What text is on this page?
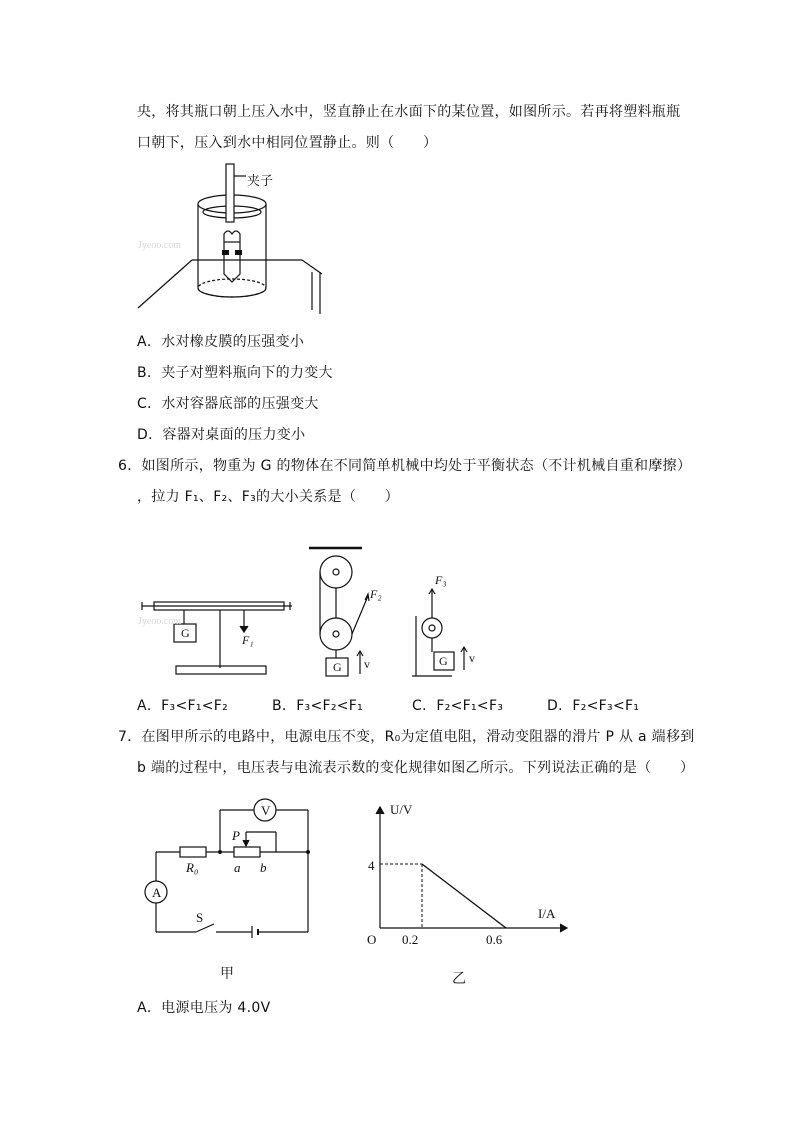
央，将其瓶口朝上压入水中，竖直静止在水面下的某位置，如图所示。若再将塑料瓶瓶
口朝下，压入到水中相同位置静止。则（　　）
Jyeoo.com
夹子
A．水对橡皮膜的压强变小
B．夹子对塑料瓶向下的力变大
C．水对容器底部的压强变大
D．容器对桌面的压力变小
6．如图所示，物重为 G 的物体在不同简单机械中均处于平衡状态（不计机械自重和摩擦）
，拉力 F₁、F₂、F₃的大小关系是（　　）
G	F₁
F₂
G v
F₃
G v
Jyeoo.com
A．F₃<F₁<F₂	B．F₃<F₂<F₁	C．F₂<F₁<F₃	D．F₂<F₃<F₁
7．在图甲所示的电路中，电源电压不变，R₀为定值电阻，滑动变阻器的滑片 P 从 a 端移到
b 端的过程中，电压表与电流表示数的变化规律如图乙所示。下列说法正确的是（　　）
V
A
R₀
P
a b
S
甲
U/V
I/A
O
4
0.2	0.6
乙
A．电源电压为 4.0V
